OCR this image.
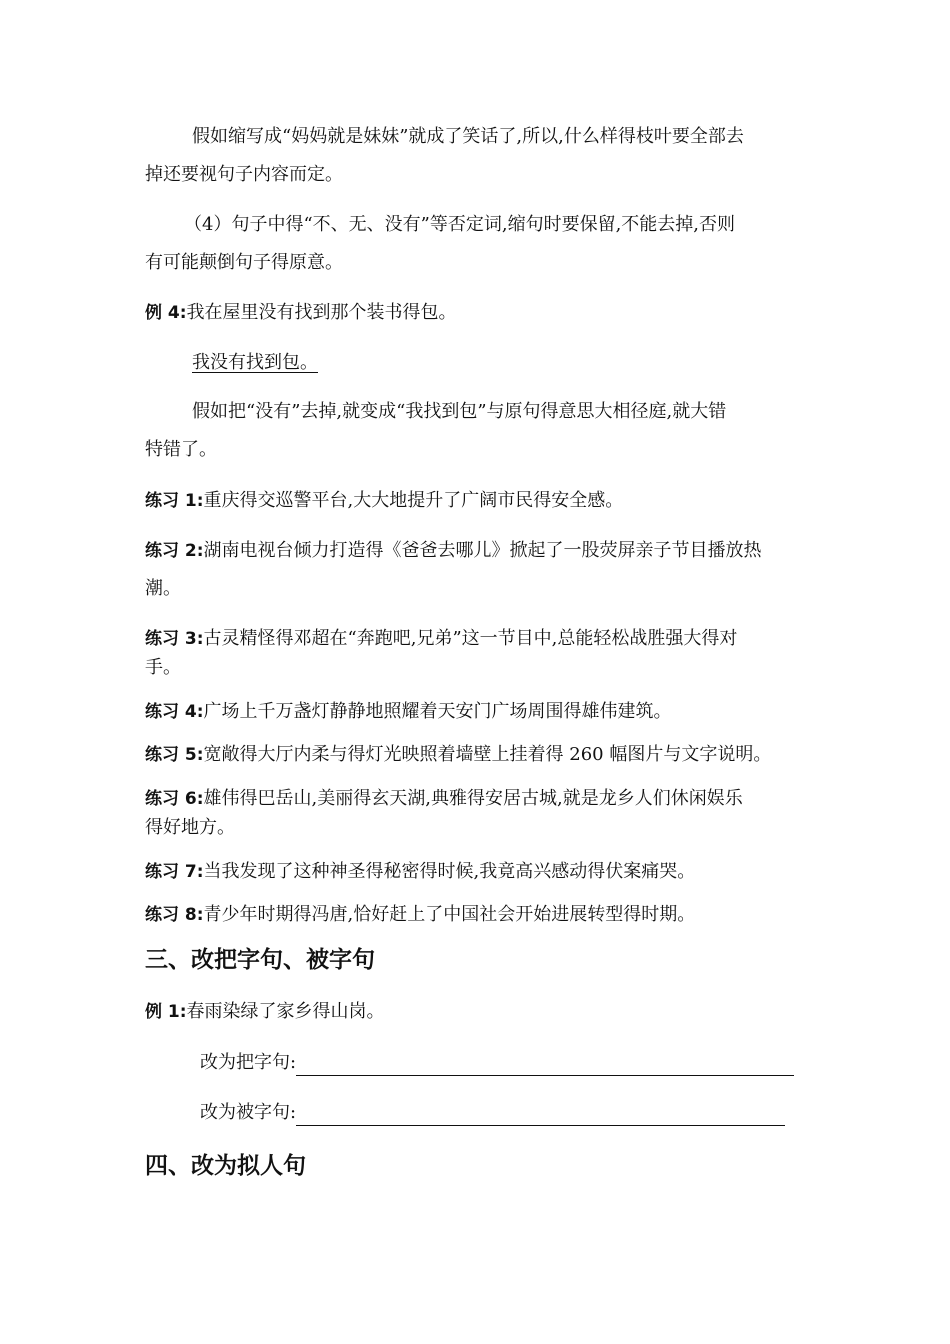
假如缩写成“妈妈就是妹妹”就成了笑话了,所以,什么样得枝叶要全部去
掉还要视句子内容而定。
（4）句子中得“不、无、没有”等否定词,缩句时要保留,不能去掉,否则
有可能颠倒句子得原意。
例 4:我在屋里没有找到那个装书得包。
我没有找到包。
假如把“没有”去掉,就变成“我找到包”与原句得意思大相径庭,就大错
特错了。
练习 1:重庆得交巡警平台,大大地提升了广阔市民得安全感。
练习 2:湖南电视台倾力打造得《爸爸去哪儿》掀起了一股荧屏亲子节目播放热
潮。
练习 3:古灵精怪得邓超在“奔跑吧,兄弟”这一节目中,总能轻松战胜强大得对
手。
练习 4:广场上千万盏灯静静地照耀着天安门广场周围得雄伟建筑。
练习 5:宽敞得大厅内柔与得灯光映照着墙壁上挂着得 260 幅图片与文字说明。
练习 6:雄伟得巴岳山,美丽得玄天湖,典雅得安居古城,就是龙乡人们休闲娱乐
得好地方。
练习 7:当我发现了这种神圣得秘密得时候,我竟高兴感动得伏案痛哭。
练习 8:青少年时期得冯唐,恰好赶上了中国社会开始进展转型得时期。
三、改把字句、被字句
例 1:春雨染绿了家乡得山岗。
改为把字句:
改为被字句:
四、改为拟人句
